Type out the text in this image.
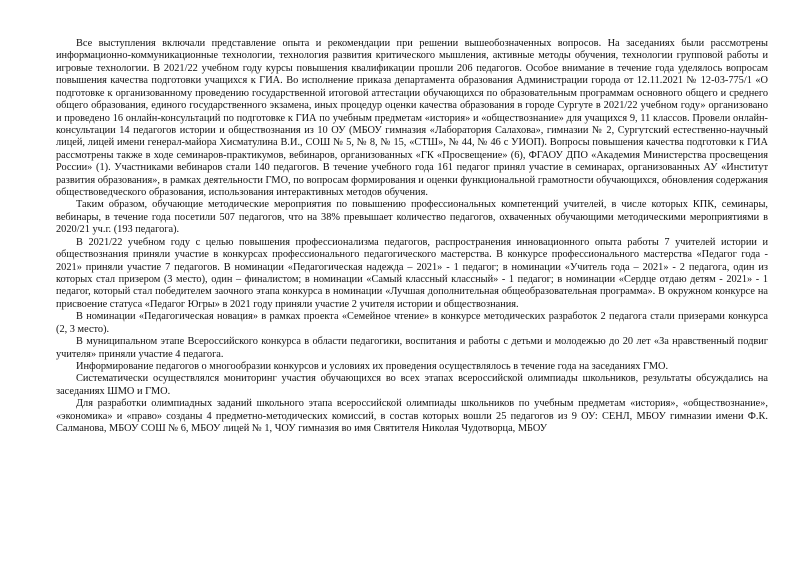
Все выступления включали представление опыта и рекомендации при решении вышеобозначенных вопросов. На заседаниях были рассмотрены информационно-коммуникационные технологии, технология развития критического мышления, активные методы обучения, технологии групповой работы и игровые технологии. В 2021/22 учебном году курсы повышения квалификации прошли 206 педагогов. Особое внимание в течение года уделялось вопросам повышения качества подготовки учащихся к ГИА. Во исполнение приказа департамента образования Администрации города от 12.11.2021 № 12-03-775/1 «О подготовке к организованному проведению государственной итоговой аттестации обучающихся по образовательным программам основного общего и среднего общего образования, единого государственного экзамена, иных процедур оценки качества образования в городе Сургуте в 2021/22 учебном году» организовано и проведено 16 онлайн-консультаций по подготовке к ГИА по учебным предметам «история» и «обществознание» для учащихся 9, 11 классов. Провели онлайн-консультации 14 педагогов истории и обществознания из 10 ОУ (МБОУ гимназия «Лаборатория Салахова», гимназии № 2, Сургутский естественно-научный лицей, лицей имени генерал-майора Хисматулина В.И., СОШ № 5, № 8, № 15, «СТШ», № 44, № 46 с УИОП). Вопросы повышения качества подготовки к ГИА рассмотрены также в ходе семинаров-практикумов, вебинаров, организованных «ГК «Просвещение» (6), ФГАОУ ДПО «Академия Министерства просвещения России» (1). Участниками вебинаров стали 140 педагогов. В течение учебного года 161 педагог принял участие в семинарах, организованных АУ «Институт развития образования», в рамках деятельности ГМО, по вопросам формирования и оценки функциональной грамотности обучающихся, обновления содержания обществоведческого образования, использования интерактивных методов обучения.

Таким образом, обучающие методические мероприятия по повышению профессиональных компетенций учителей, в числе которых КПК, семинары, вебинары, в течение года посетили 507 педагогов, что на 38% превышает количество педагогов, охваченных обучающими методическими мероприятиями в 2020/21 уч.г. (193 педагога).

В 2021/22 учебном году с целью повышения профессионализма педагогов, распространения инновационного опыта работы 7 учителей истории и обществознания приняли участие в конкурсах профессионального педагогического мастерства. В конкурсе профессионального мастерства «Педагог года - 2021» приняли участие 7 педагогов. В номинации «Педагогическая надежда – 2021» - 1 педагог; в номинации «Учитель года – 2021» - 2 педагога, один из которых стал призером (3 место), один – финалистом; в номинации «Самый классный классный» - 1 педагог; в номинации «Сердце отдаю детям - 2021» - 1 педагог, который стал победителем заочного этапа конкурса в номинации «Лучшая дополнительная общеобразовательная программа». В окружном конкурсе на присвоение статуса «Педагог Югры» в 2021 году приняли участие 2 учителя истории и обществознания.

В номинации «Педагогическая новация» в рамках проекта «Семейное чтение» в конкурсе методических разработок 2 педагога стали призерами конкурса (2, 3 место).

В муниципальном этапе Всероссийского конкурса в области педагогики, воспитания и работы с детьми и молодежью до 20 лет «За нравственный подвиг учителя» приняли участие 4 педагога.

Информирование педагогов о многообразии конкурсов и условиях их проведения осуществлялось в течение года на заседаниях ГМО.

Систематически осуществлялся мониторинг участия обучающихся во всех этапах всероссийской олимпиады школьников, результаты обсуждались на заседаниях ШМО и ГМО.

Для разработки олимпиадных заданий школьного этапа всероссийской олимпиады школьников по учебным предметам «история», «обществознание», «экономика» и «право» созданы 4 предметно-методических комиссий, в состав которых вошли 25 педагогов из 9 ОУ: СЕНЛ, МБОУ гимназии имени Ф.К. Салманова, МБОУ СОШ № 6, МБОУ лицей № 1, ЧОУ гимназия во имя Святителя Николая Чудотворца, МБОУ
